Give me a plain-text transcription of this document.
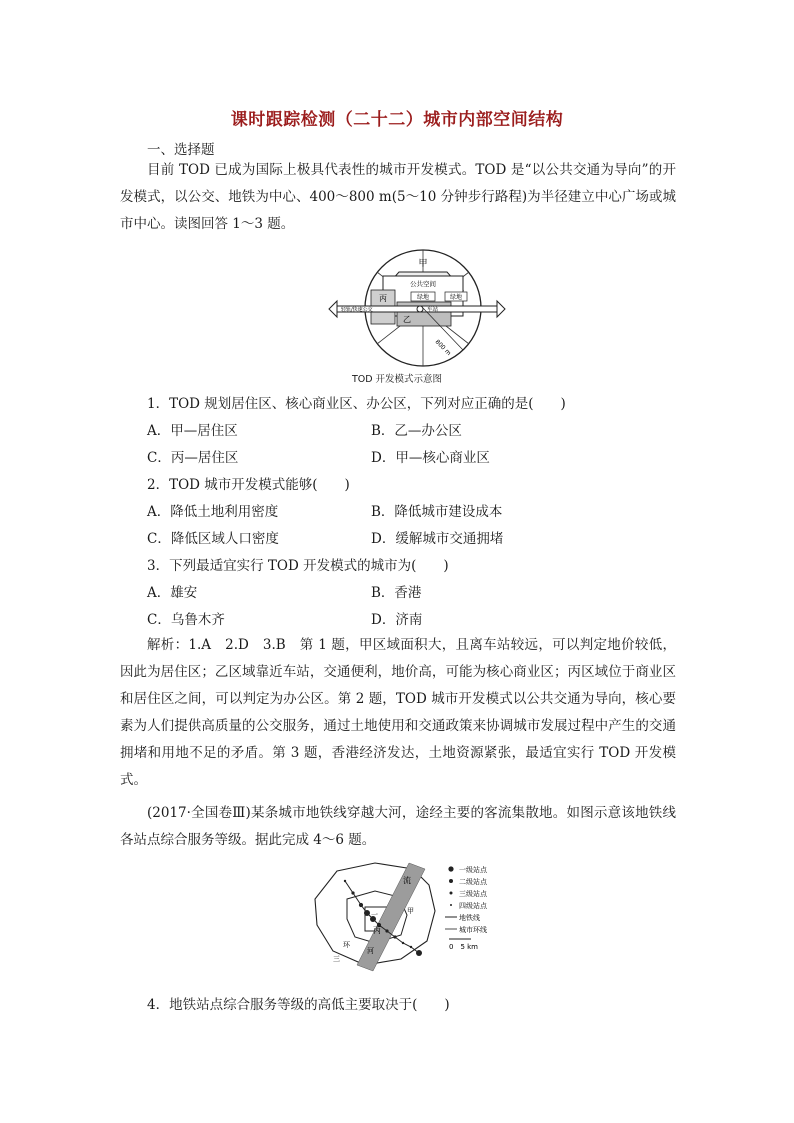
课时跟踪检测（二十二）城市内部空间结构
一、选择题
目前 TOD 已成为国际上极具代表性的城市开发模式。TOD 是“以公共交通为导向”的开发模式，以公交、地铁为中心、400～800 m(5～10 分钟步行路程)为半径建立中心广场或城市中心。读图回答 1～3 题。
甲
公共空间
丙	绿地	绿地
轻轨/快速公交	车站
乙
800 m
TOD 开发模式示意图
1．TOD 规划居住区、核心商业区、办公区，下列对应正确的是(　　)
A．甲—居住区	B．乙—办公区
C．丙—居住区	D．甲—核心商业区
2．TOD 城市开发模式能够(　　)
A．降低土地利用密度	B．降低城市建设成本
C．降低区域人口密度	D．缓解城市交通拥堵
3．下列最适宜实行 TOD 开发模式的城市为(　　)
A．雄安	B．香港
C．乌鲁木齐	D．济南
解析：1.A　2.D　3.B　第 1 题，甲区域面积大，且离车站较远，可以判定地价较低，因此为居住区；乙区域靠近车站，交通便利，地价高，可能为核心商业区；丙区域位于商业区和居住区之间，可以判定为办公区。第 2 题，TOD 城市开发模式以公共交通为导向，核心要素为人们提供高质量的公交服务，通过土地使用和交通政策来协调城市发展过程中产生的交通拥堵和用地不足的矛盾。第 3 题，香港经济发达，土地资源紧张，最适宜实行 TOD 开发模式。
(2017·全国卷Ⅲ)某条城市地铁线穿越大河，途经主要的客流集散地。如图示意该地铁线各站点综合服务等级。据此完成 4～6 题。
流
一
丙
甲
三
环
河
一级站点
二级站点
三级站点
四级站点
地铁线
城市环线
0　5 km
4．地铁站点综合服务等级的高低主要取决于(　　)
